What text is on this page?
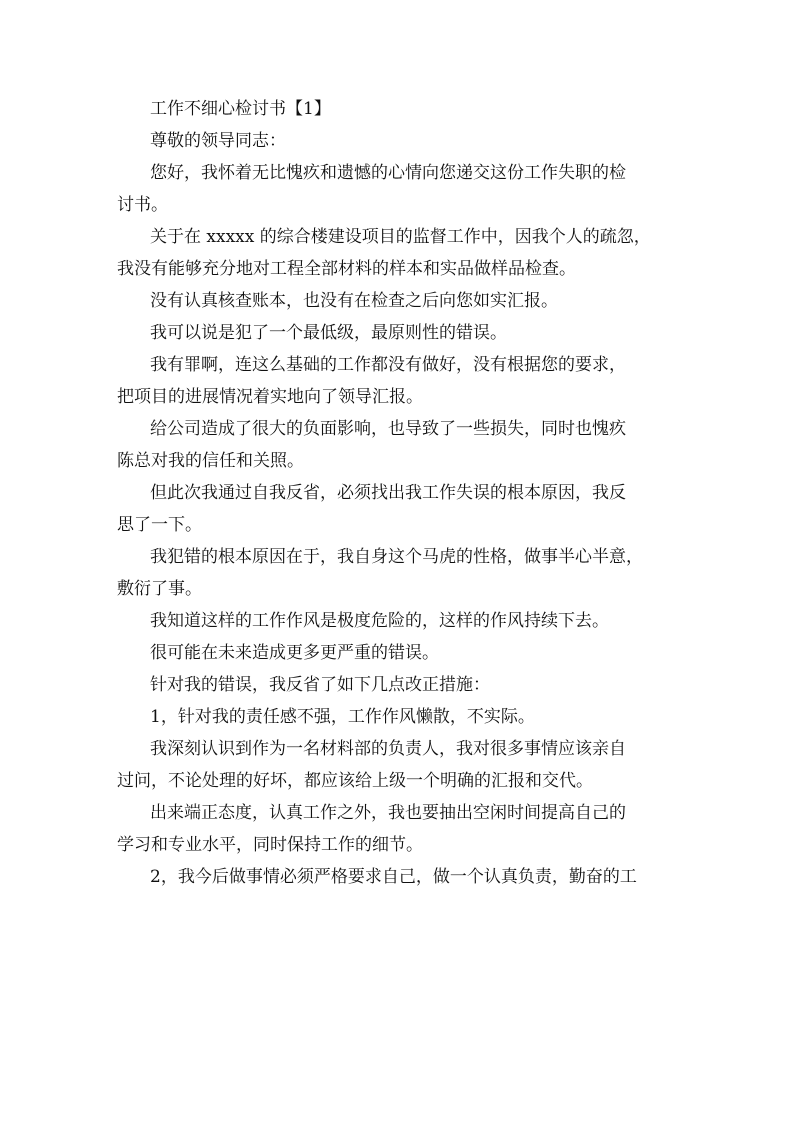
工作不细心检讨书【1】
尊敬的领导同志：
您好，我怀着无比愧疚和遗憾的心情向您递交这份工作失职的检
讨书。
关于在 xxxxx 的综合楼建设项目的监督工作中，因我个人的疏忽，
我没有能够充分地对工程全部材料的样本和实品做样品检查。
没有认真核查账本，也没有在检查之后向您如实汇报。
我可以说是犯了一个最低级，最原则性的错误。
我有罪啊，连这么基础的工作都没有做好，没有根据您的要求，
把项目的进展情况着实地向了领导汇报。
给公司造成了很大的负面影响，也导致了一些损失，同时也愧疚
陈总对我的信任和关照。
但此次我通过自我反省，必须找出我工作失误的根本原因，我反
思了一下。
我犯错的根本原因在于，我自身这个马虎的性格，做事半心半意，
敷衍了事。
我知道这样的工作作风是极度危险的，这样的作风持续下去。
很可能在未来造成更多更严重的错误。
针对我的错误，我反省了如下几点改正措施：
1，针对我的责任感不强，工作作风懒散，不实际。
我深刻认识到作为一名材料部的负责人，我对很多事情应该亲自
过问，不论处理的好坏，都应该给上级一个明确的汇报和交代。
出来端正态度，认真工作之外，我也要抽出空闲时间提高自己的
学习和专业水平，同时保持工作的细节。
2，我今后做事情必须严格要求自己，做一个认真负责，勤奋的工
